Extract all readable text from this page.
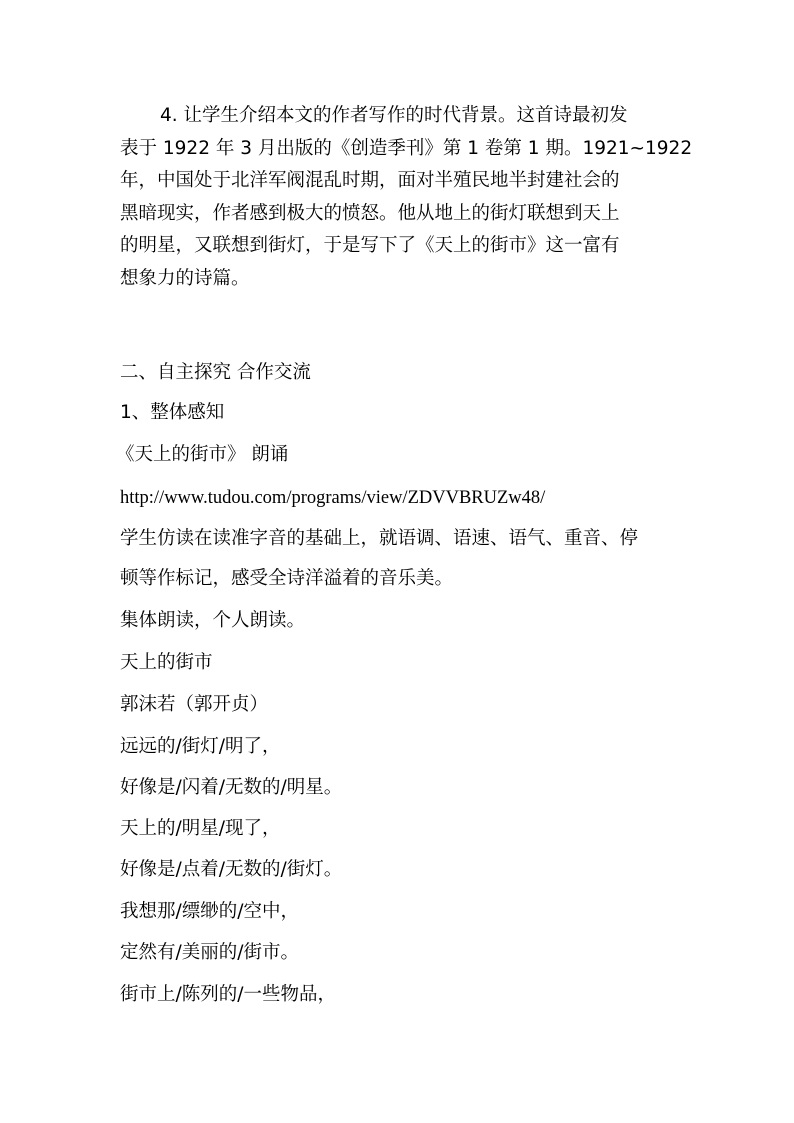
4. 让学生介绍本文的作者写作的时代背景。这首诗最初发
表于 1922 年 3 月出版的《创造季刊》第 1 卷第 1 期。1921~1922
年，中国处于北洋军阀混乱时期，面对半殖民地半封建社会的
黑暗现实，作者感到极大的愤怒。他从地上的街灯联想到天上
的明星，又联想到街灯，于是写下了《天上的街市》这一富有
想象力的诗篇。
二、自主探究 合作交流
1、整体感知
《天上的街市》 朗诵
http://www.tudou.com/programs/view/ZDVVBRUZw48/
学生仿读在读准字音的基础上，就语调、语速、语气、重音、停
顿等作标记，感受全诗洋溢着的音乐美。
集体朗读，个人朗读。
天上的街市
郭沫若（郭开贞）
远远的/街灯/明了，
好像是/闪着/无数的/明星。
天上的/明星/现了，
好像是/点着/无数的/街灯。
我想那/缥缈的/空中，
定然有/美丽的/街市。
街市上/陈列的/一些物品，
